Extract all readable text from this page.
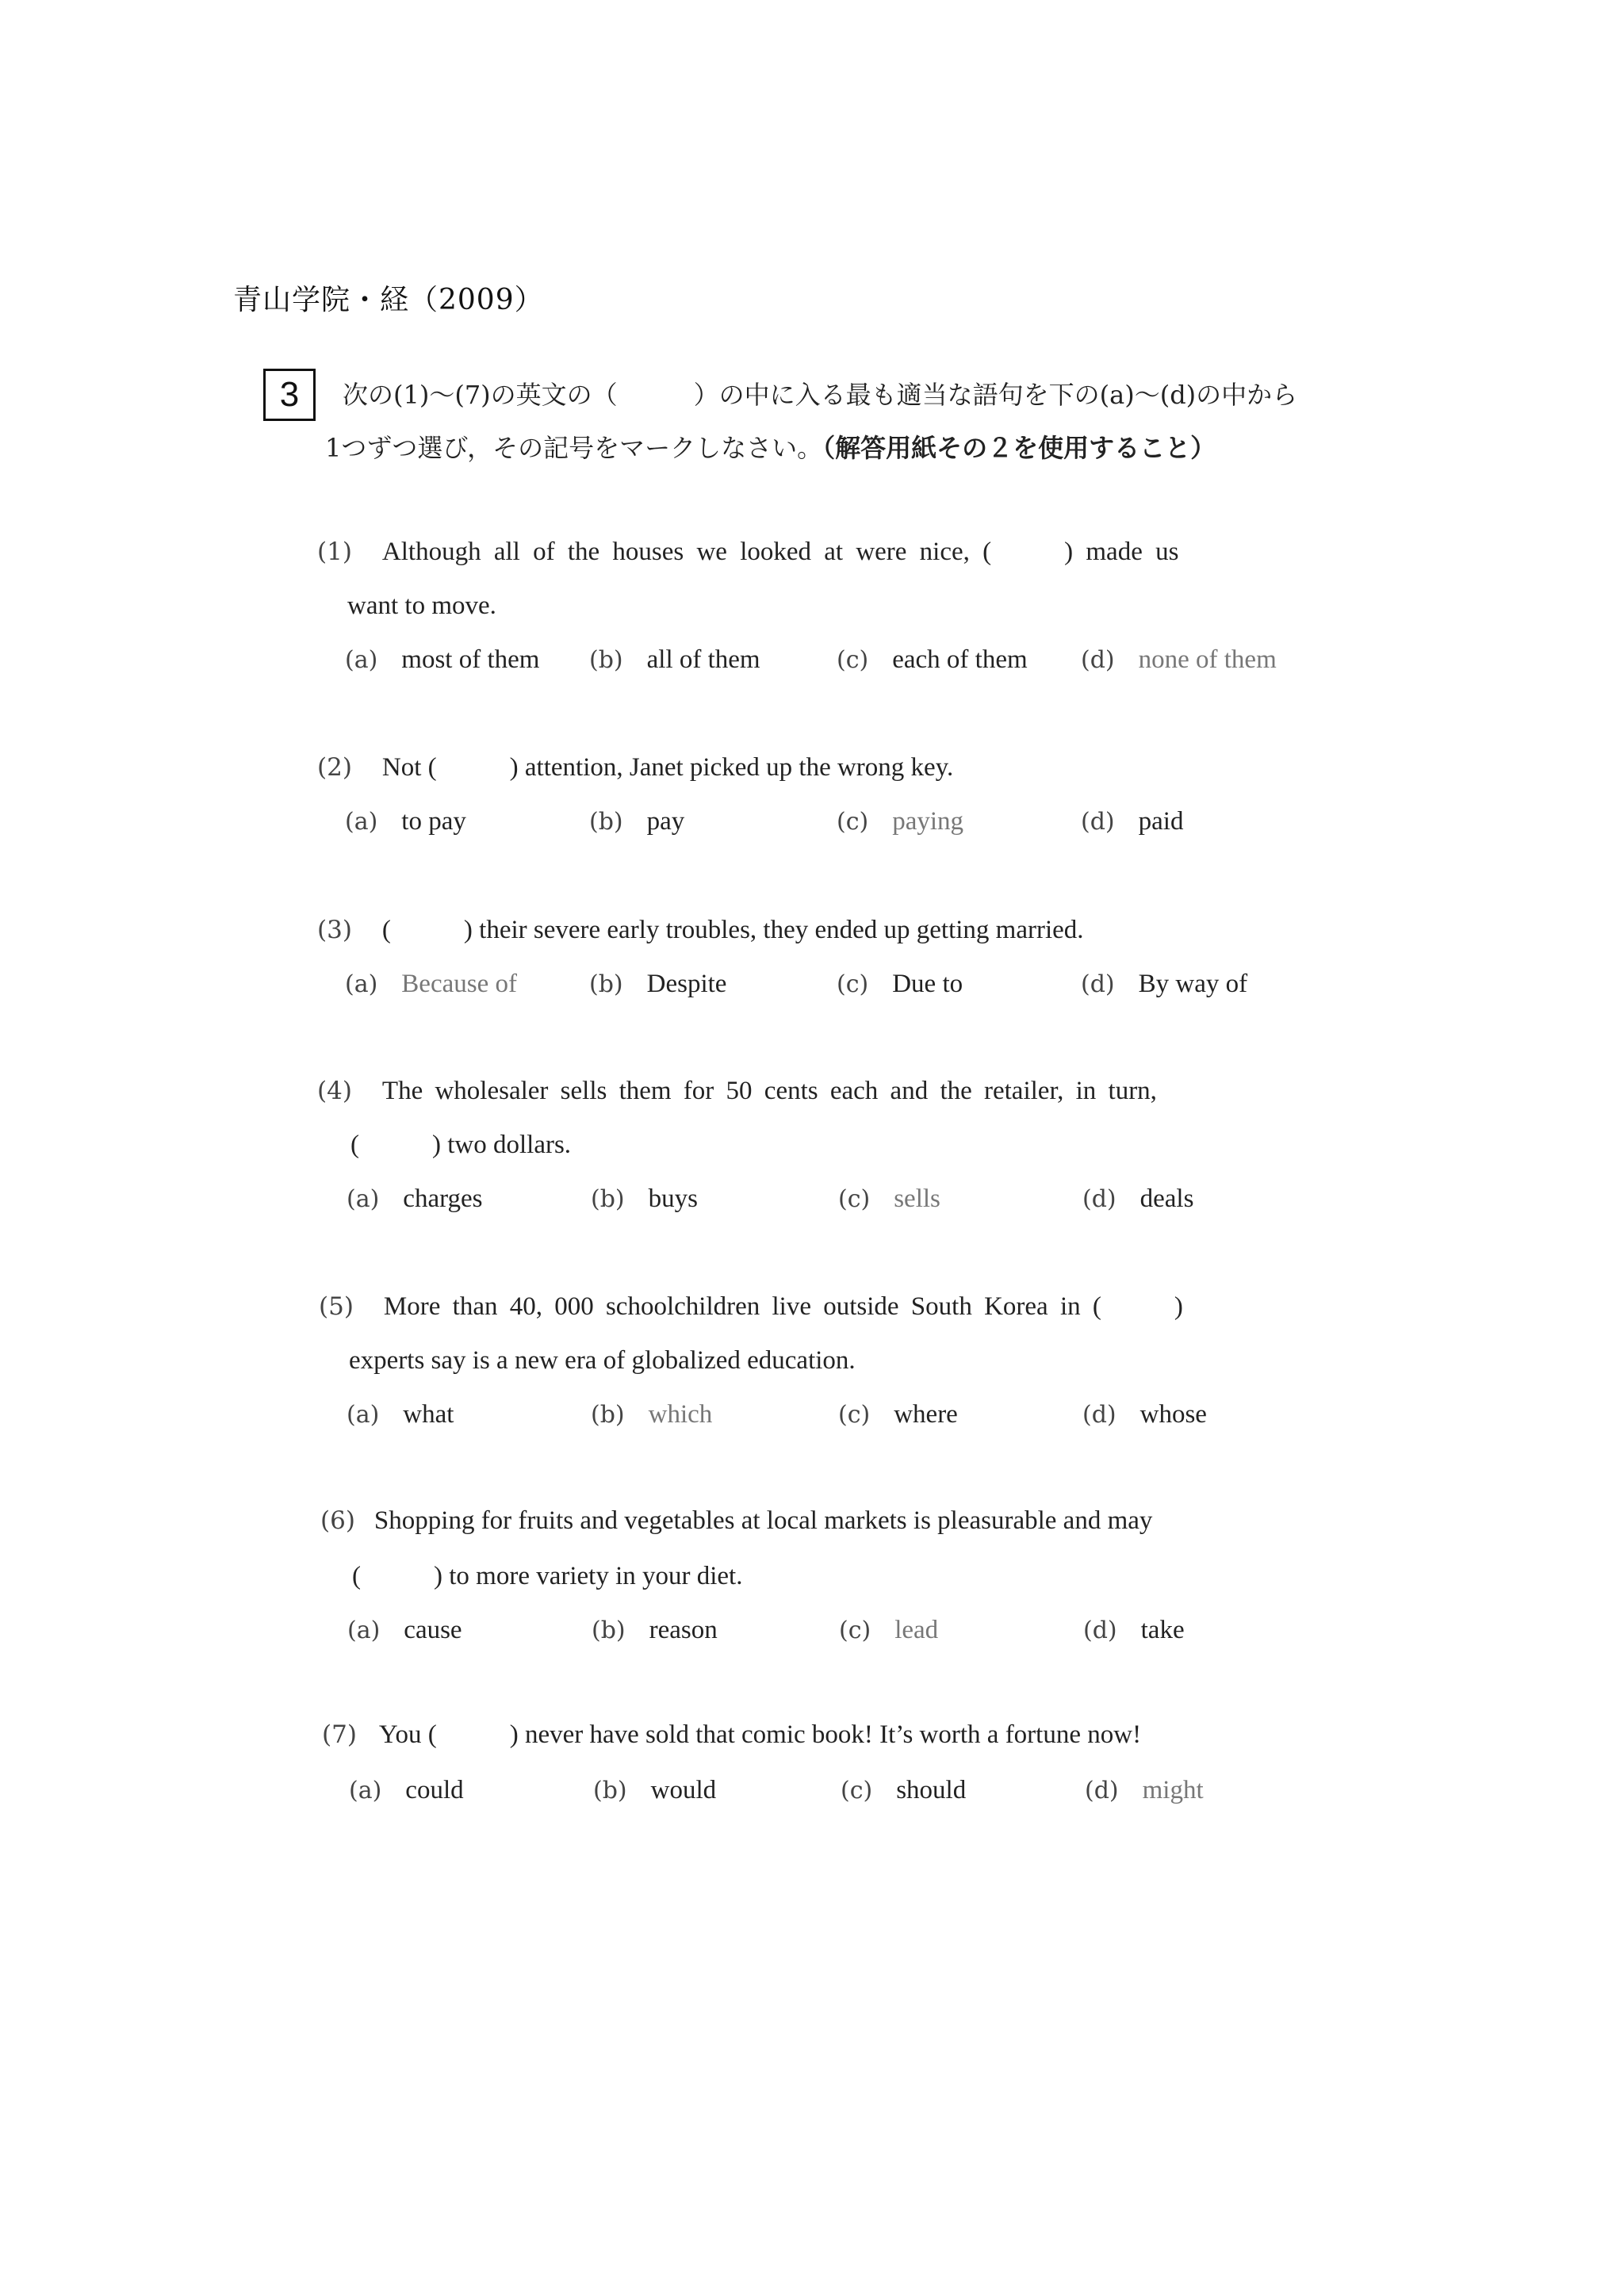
青山学院・経（2009）
3 次の(1)〜(7)の英文の（　　　）の中に入る最も適当な語句を下の(a)〜(d)の中から
1つずつ選び，その記号をマークしなさい。（解答用紙その２を使用すること）
(1) Although all of the houses we looked at were nice, (	) made us
want to move.
(a) most of them (b) all of them	(c) each of them (d) none of them
(2) Not (	) attention, Janet picked up the wrong key.
(a) to pay	(b) pay	(c) paying	(d) paid
(3) (	) their severe early troubles, they ended up getting married.
(a) Because of	(b) Despite	(c) Due to	(d) By way of
(4) The wholesaler sells them for 50 cents each and the retailer, in turn,
(	) two dollars.
(a) charges	(b) buys	(c) sells	(d) deals
(5) More than 40, 000 schoolchildren live outside South Korea in (	)
experts say is a new era of globalized education.
(a) what	(b) which	(c) where	(d) whose
(6) Shopping for fruits and vegetables at local markets is pleasurable and may
(	) to more variety in your diet.
(a) cause	(b) reason	(c) lead	(d) take
(7) You (	) never have sold that comic book! It’s worth a fortune now!
(a) could	(b) would	(c) should	(d) might
